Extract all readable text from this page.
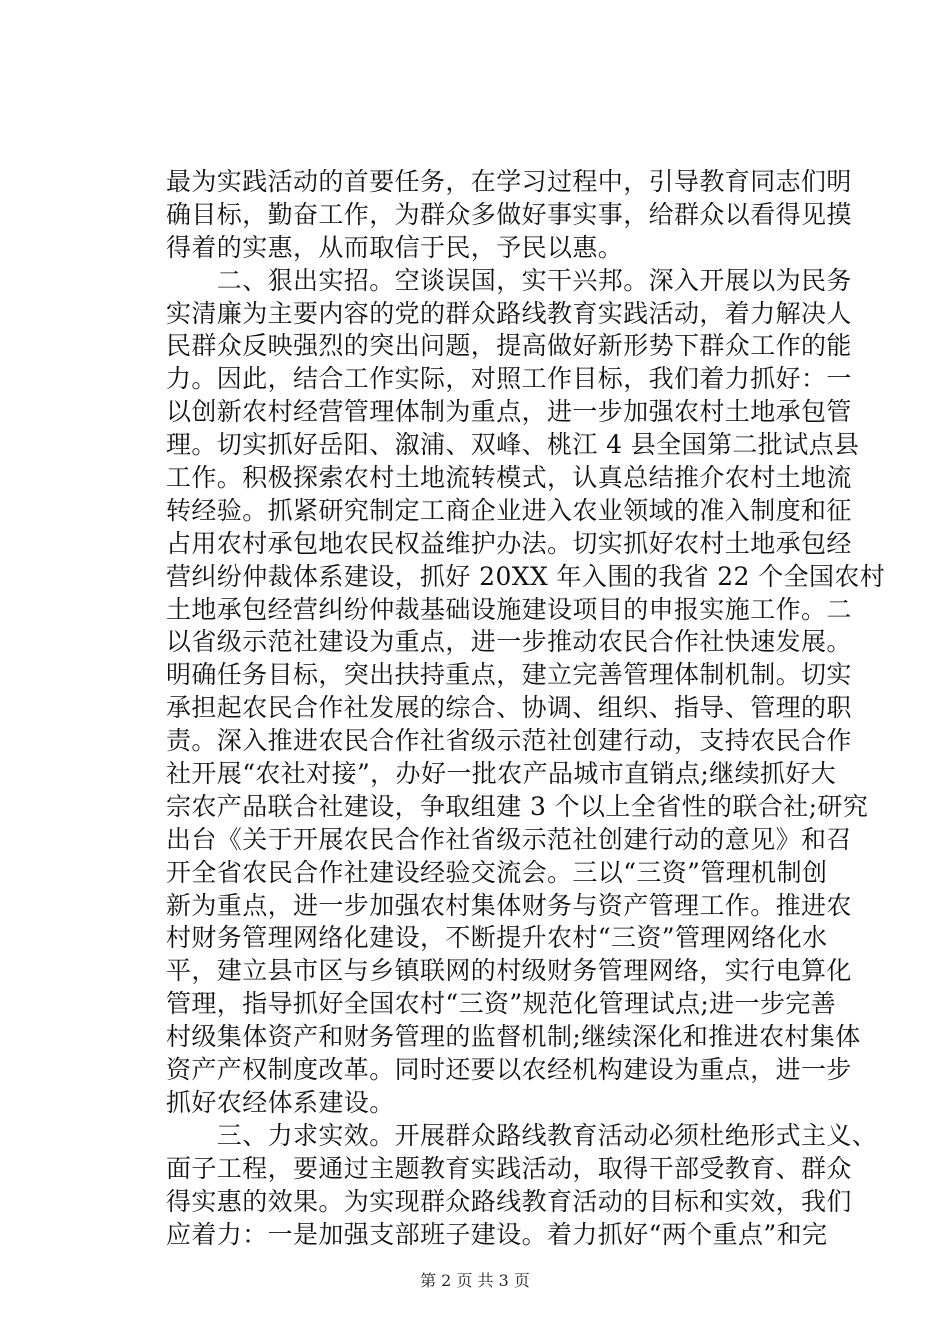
最为实践活动的首要任务，在学习过程中，引导教育同志们明
确目标，勤奋工作，为群众多做好事实事，给群众以看得见摸
得着的实惠，从而取信于民，予民以惠。
　　二、狠出实招。空谈误国，实干兴邦。深入开展以为民务
实清廉为主要内容的党的群众路线教育实践活动，着力解决人
民群众反映强烈的突出问题，提高做好新形势下群众工作的能
力。因此，结合工作实际，对照工作目标，我们着力抓好：一
以创新农村经营管理体制为重点，进一步加强农村土地承包管
理。切实抓好岳阳、溆浦、双峰、桃江 4 县全国第二批试点县
工作。积极探索农村土地流转模式，认真总结推介农村土地流
转经验。抓紧研究制定工商企业进入农业领域的准入制度和征
占用农村承包地农民权益维护办法。切实抓好农村土地承包经
营纠纷仲裁体系建设，抓好 20XX 年入围的我省 22 个全国农村
土地承包经营纠纷仲裁基础设施建设项目的申报实施工作。二
以省级示范社建设为重点，进一步推动农民合作社快速发展。
明确任务目标，突出扶持重点，建立完善管理体制机制。切实
承担起农民合作社发展的综合、协调、组织、指导、管理的职
责。深入推进农民合作社省级示范社创建行动，支持农民合作
社开展“农社对接”，办好一批农产品城市直销点;继续抓好大
宗农产品联合社建设，争取组建 3 个以上全省性的联合社;研究
出台《关于开展农民合作社省级示范社创建行动的意见》和召
开全省农民合作社建设经验交流会。三以“三资”管理机制创
新为重点，进一步加强农村集体财务与资产管理工作。推进农
村财务管理网络化建设，不断提升农村“三资”管理网络化水
平，建立县市区与乡镇联网的村级财务管理网络，实行电算化
管理，指导抓好全国农村“三资”规范化管理试点;进一步完善
村级集体资产和财务管理的监督机制;继续深化和推进农村集体
资产产权制度改革。同时还要以农经机构建设为重点，进一步
抓好农经体系建设。
　　三、力求实效。开展群众路线教育活动必须杜绝形式主义、
面子工程，要通过主题教育实践活动，取得干部受教育、群众
得实惠的效果。为实现群众路线教育活动的目标和实效，我们
应着力：一是加强支部班子建设。着力抓好“两个重点”和完
第 2 页 共 3 页
